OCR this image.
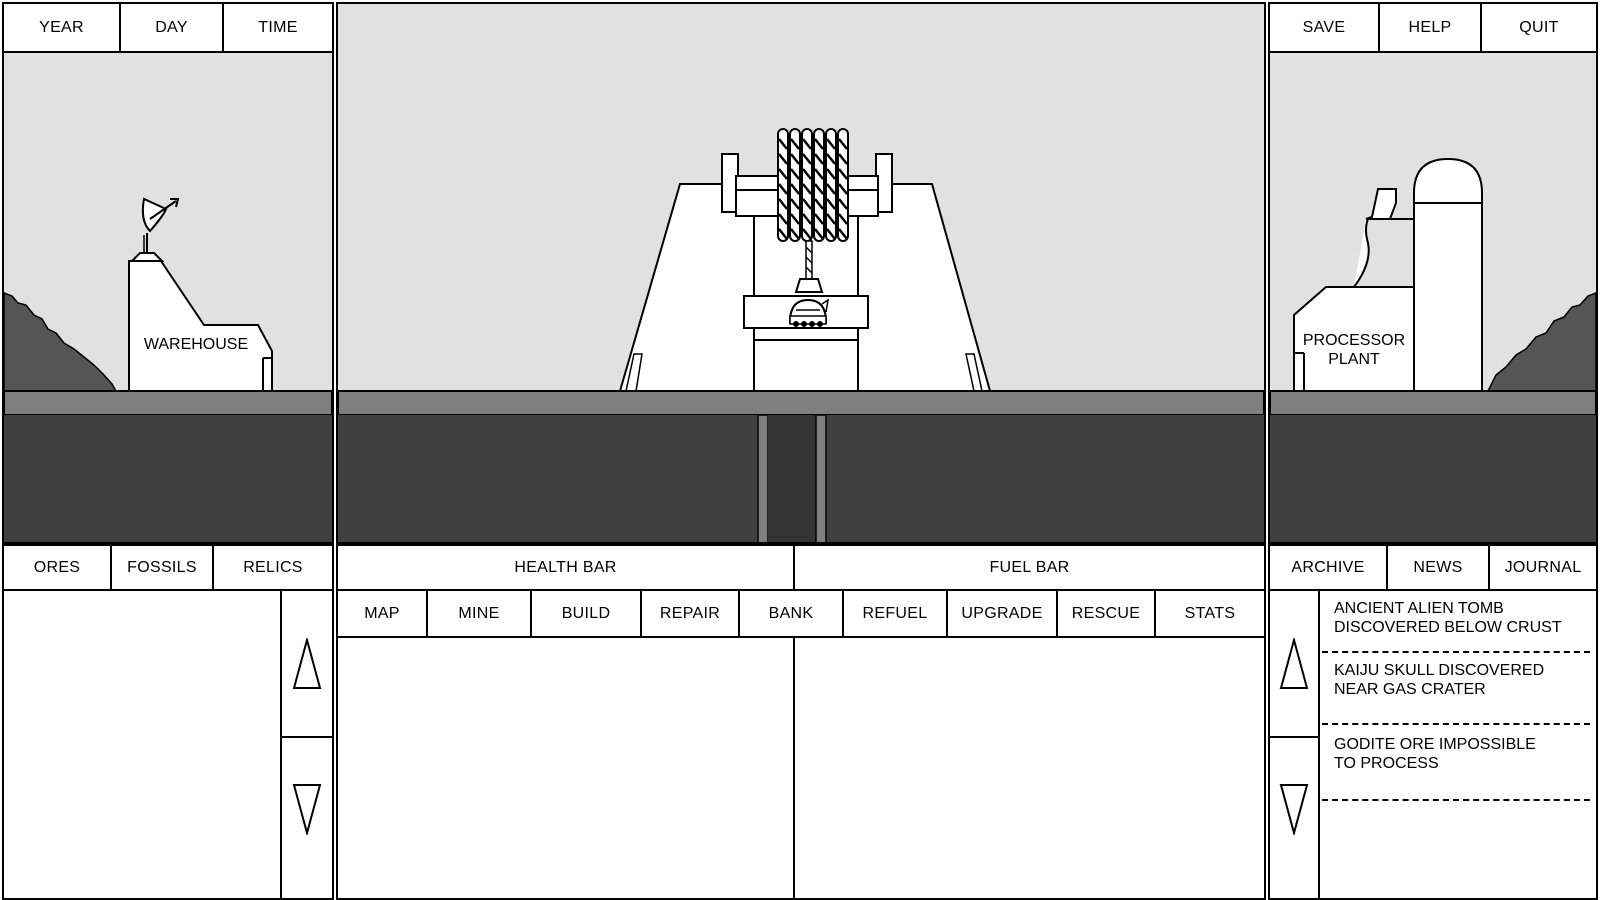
YEAR	DAY	TIME
WAREHOUSE
ORES	FOSSILS	RELICS	HEALTH BAR	FUEL BAR
MAP	MINE	BUILD	REPAIR	BANK	REFUEL	UPGRADE	RESCUE	STATS
SAVE	HELP	QUIT
PROCESSOR
PLANT
ARCHIVE	NEWS	JOURNAL
ANCIENT ALIEN TOMB
DISCOVERED BELOW CRUST
KAIJU SKULL DISCOVERED
NEAR GAS CRATER
GODITE ORE IMPOSSIBLE
TO PROCESS
